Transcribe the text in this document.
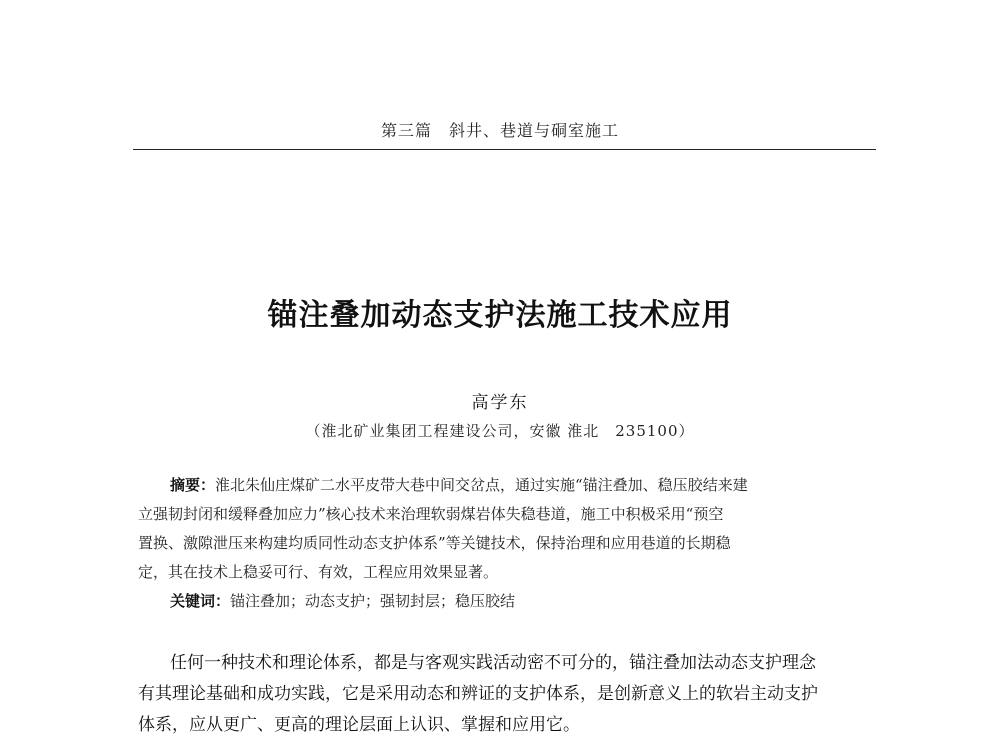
第三篇　斜井、巷道与硐室施工
锚注叠加动态支护法施工技术应用
高学东
（淮北矿业集团工程建设公司，安徽 淮北　235100）
摘要：淮北朱仙庄煤矿二水平皮带大巷中间交岔点，通过实施“锚注叠加、稳压胶结来建
立强韧封闭和缓释叠加应力”核心技术来治理软弱煤岩体失稳巷道，施工中积极采用“预空
置换、激隙泄压来构建均质同性动态支护体系”等关键技术，保持治理和应用巷道的长期稳
定，其在技术上稳妥可行、有效，工程应用效果显著。
关键词：锚注叠加；动态支护；强韧封层；稳压胶结
任何一种技术和理论体系，都是与客观实践活动密不可分的，锚注叠加法动态支护理念
有其理论基础和成功实践，它是采用动态和辨证的支护体系，是创新意义上的软岩主动支护
体系，应从更广、更高的理论层面上认识、掌握和应用它。
